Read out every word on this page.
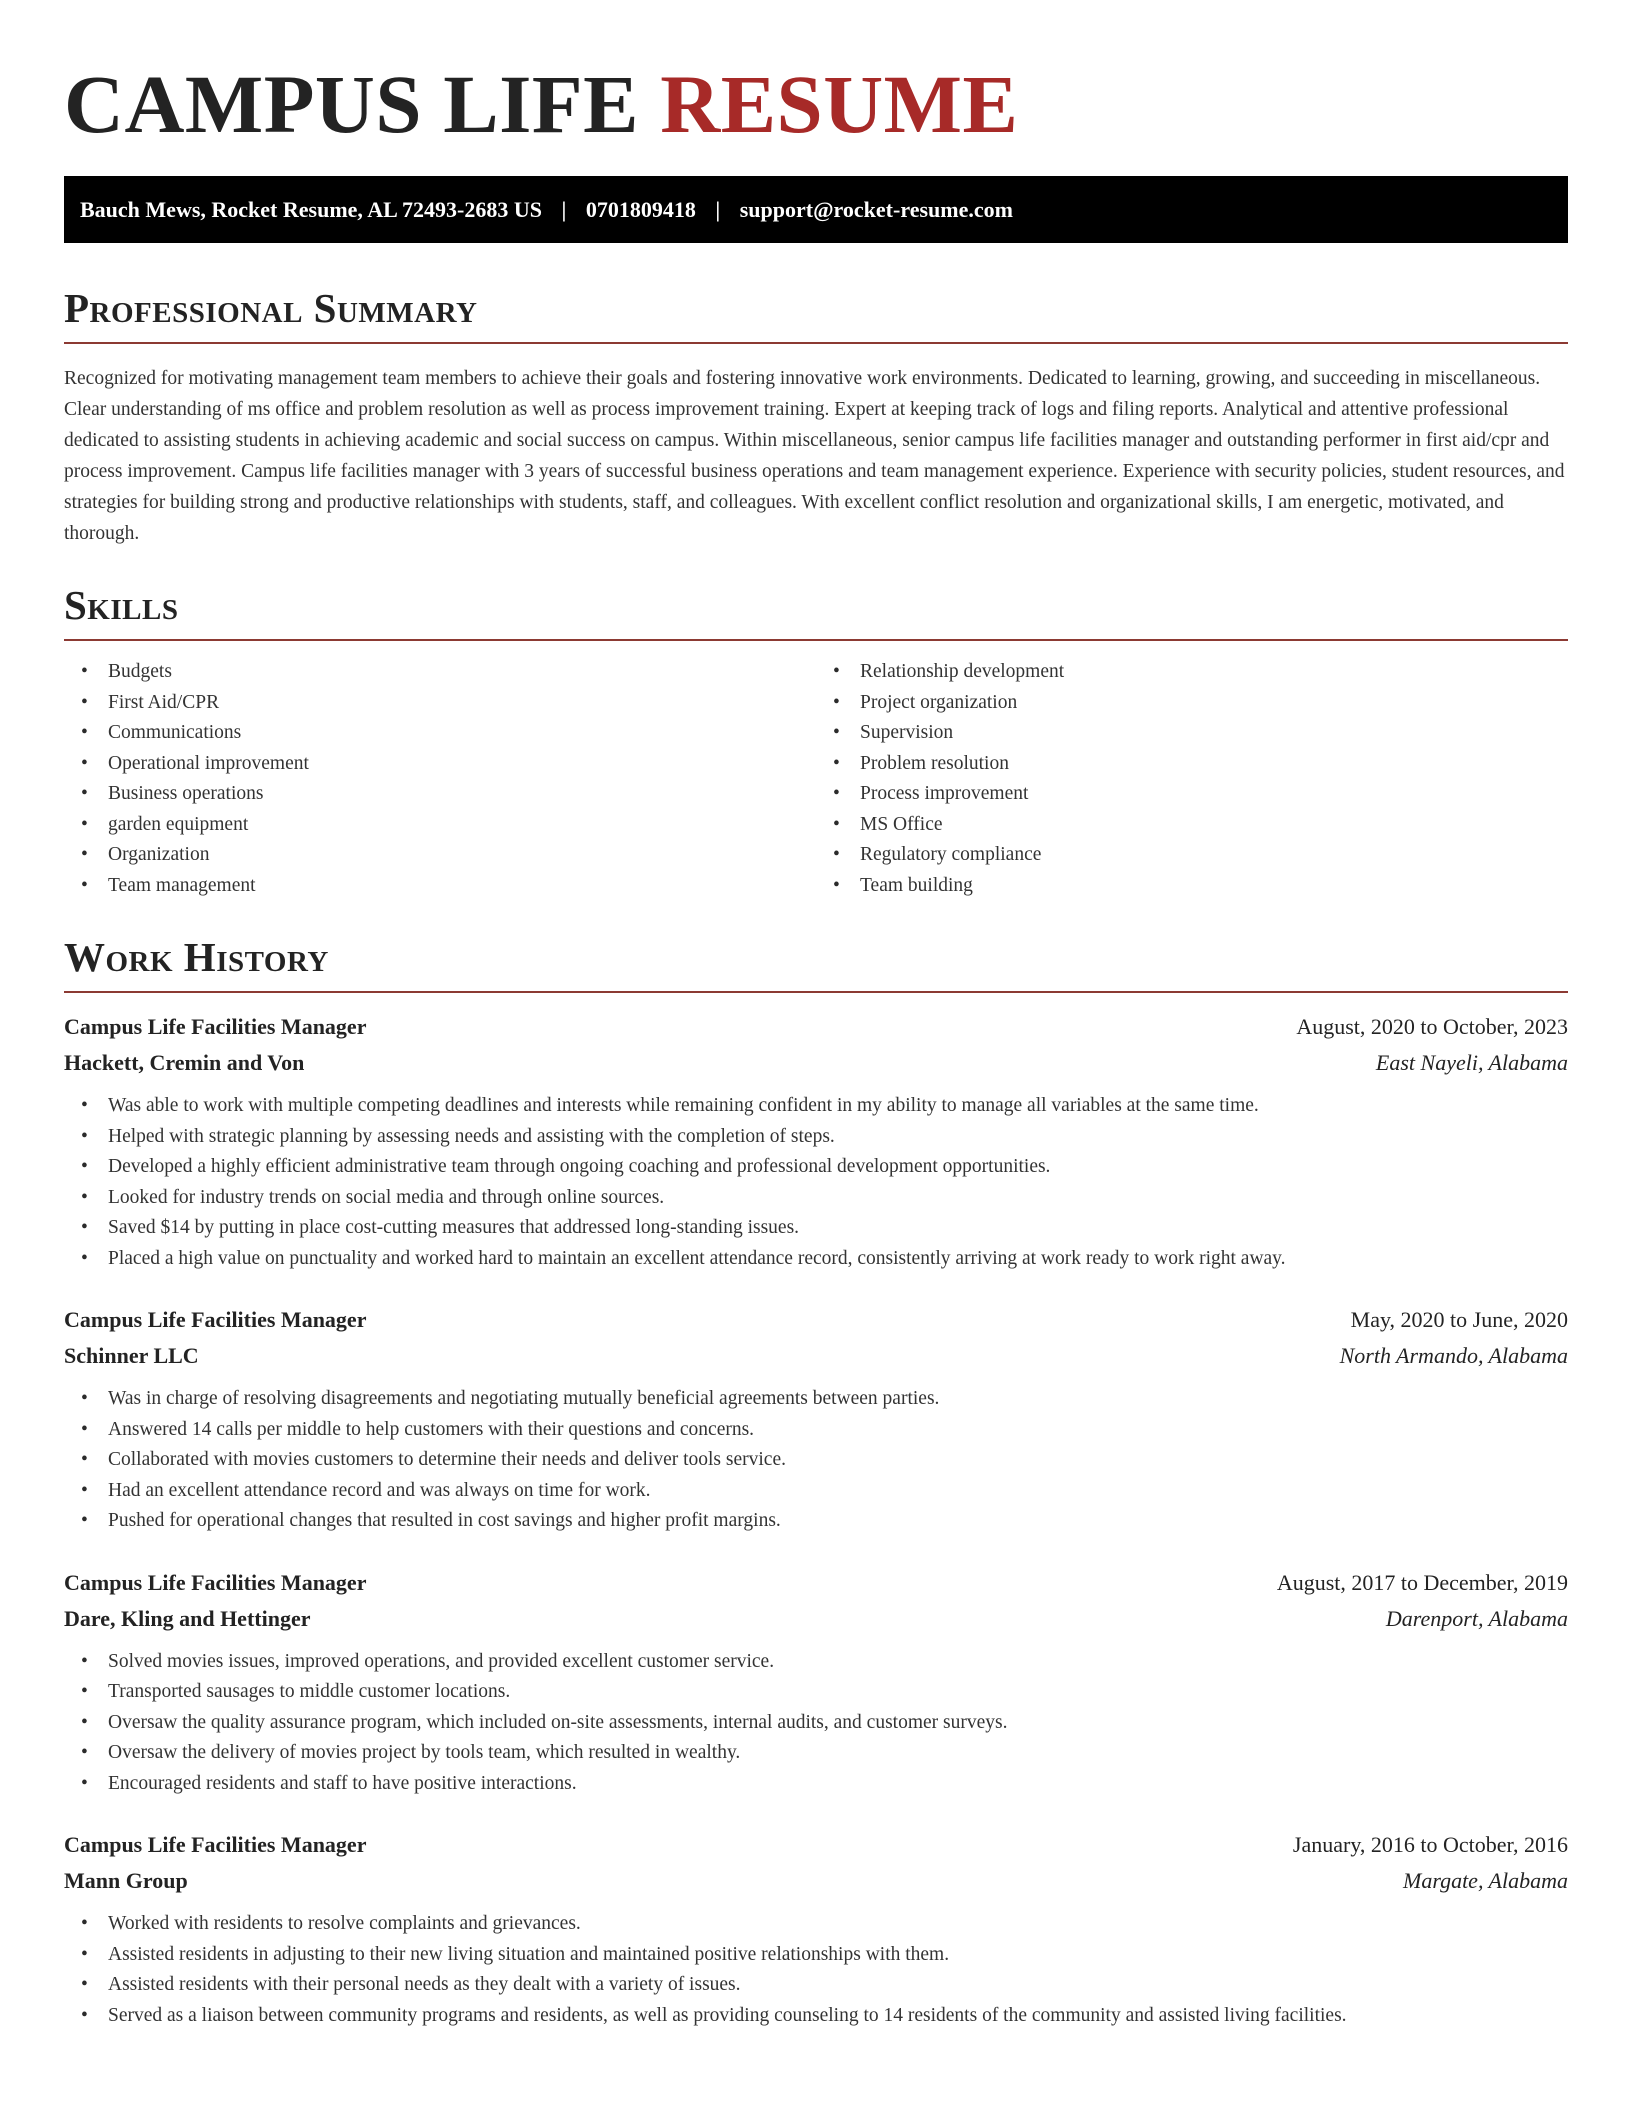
CAMPUS LIFE RESUME
Bauch Mews, Rocket Resume, AL 72493-2683 US | 0701809418 | support@rocket-resume.com
Professional Summary

Recognized for motivating management team members to achieve their goals and fostering innovative work environments. Dedicated to learning, growing, and succeeding in miscellaneous. Clear understanding of ms office and problem resolution as well as process improvement training. Expert at keeping track of logs and filing reports. Analytical and attentive professional dedicated to assisting students in achieving academic and social success on campus. Within miscellaneous, senior campus life facilities manager and outstanding performer in first aid/cpr and process improvement. Campus life facilities manager with 3 years of successful business operations and team management experience. Experience with security policies, student resources, and strategies for building strong and productive relationships with students, staff, and colleagues. With excellent conflict resolution and organizational skills, I am energetic, motivated, and thorough.

Skills
• Budgets
• First Aid/CPR
• Communications
• Operational improvement
• Business operations
• garden equipment
• Organization
• Team management
• Relationship development
• Project organization
• Supervision
• Problem resolution
• Process improvement
• MS Office
• Regulatory compliance
• Team building
Work History
Campus Life Facilities Manager	August, 2020 to October, 2023
Hackett, Cremin and Von	East Nayeli, Alabama
• Was able to work with multiple competing deadlines and interests while remaining confident in my ability to manage all variables at the same time.
• Helped with strategic planning by assessing needs and assisting with the completion of steps.
• Developed a highly efficient administrative team through ongoing coaching and professional development opportunities.
• Looked for industry trends on social media and through online sources.
• Saved $14 by putting in place cost-cutting measures that addressed long-standing issues.
• Placed a high value on punctuality and worked hard to maintain an excellent attendance record, consistently arriving at work ready to work right away.
Campus Life Facilities Manager	May, 2020 to June, 2020
Schinner LLC	North Armando, Alabama
• Was in charge of resolving disagreements and negotiating mutually beneficial agreements between parties.
• Answered 14 calls per middle to help customers with their questions and concerns.
• Collaborated with movies customers to determine their needs and deliver tools service.
• Had an excellent attendance record and was always on time for work.
• Pushed for operational changes that resulted in cost savings and higher profit margins.
Campus Life Facilities Manager	August, 2017 to December, 2019
Dare, Kling and Hettinger	Darenport, Alabama
• Solved movies issues, improved operations, and provided excellent customer service.
• Transported sausages to middle customer locations.
• Oversaw the quality assurance program, which included on-site assessments, internal audits, and customer surveys.
• Oversaw the delivery of movies project by tools team, which resulted in wealthy.
• Encouraged residents and staff to have positive interactions.
Campus Life Facilities Manager	January, 2016 to October, 2016
Mann Group	Margate, Alabama
• Worked with residents to resolve complaints and grievances.
• Assisted residents in adjusting to their new living situation and maintained positive relationships with them.
• Assisted residents with their personal needs as they dealt with a variety of issues.
• Served as a liaison between community programs and residents, as well as providing counseling to 14 residents of the community and assisted living facilities.
